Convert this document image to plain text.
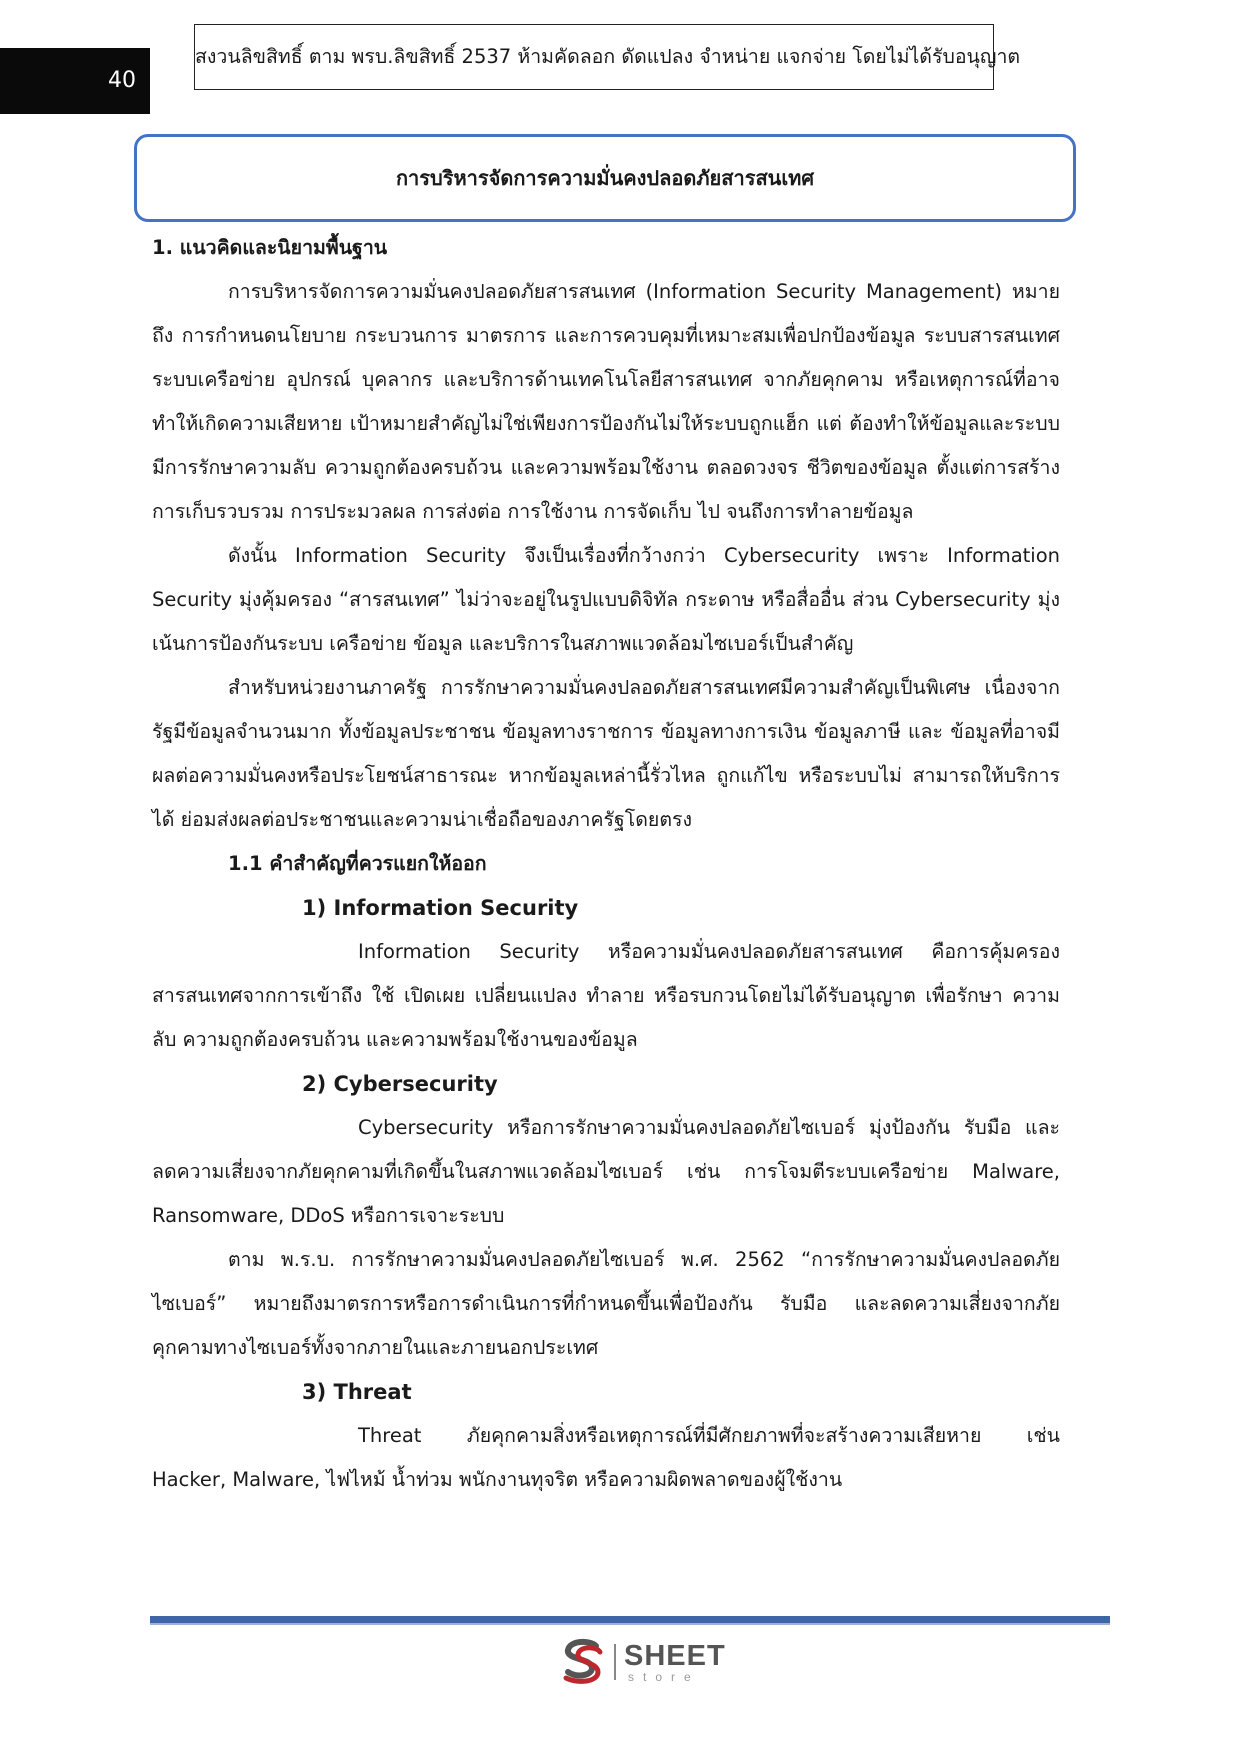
40
สงวนลิขสิทธิ์ ตาม พรบ.ลิขสิทธิ์ 2537 ห้ามคัดลอก ดัดแปลง จำหน่าย แจกจ่าย โดยไม่ได้รับอนุญาต
การบริหารจัดการความมั่นคงปลอดภัยสารสนเทศ

1. แนวคิดและนิยามพื้นฐาน

การบริหารจัดการความมั่นคงปลอดภัยสารสนเทศ (Information Security Management) หมายถึง การกำหนดนโยบาย กระบวนการ มาตรการ และการควบคุมที่เหมาะสมเพื่อปกป้องข้อมูล ระบบสารสนเทศ ระบบเครือข่าย อุปกรณ์ บุคลากร และบริการด้านเทคโนโลยีสารสนเทศ จากภัยคุกคาม หรือเหตุการณ์ที่อาจทำให้เกิดความเสียหาย เป้าหมายสำคัญไม่ใช่เพียงการป้องกันไม่ให้ระบบถูกแฮ็ก แต่ ต้องทำให้ข้อมูลและระบบมีการรักษาความลับ ความถูกต้องครบถ้วน และความพร้อมใช้งาน ตลอดวงจร ชีวิตของข้อมูล ตั้งแต่การสร้าง การเก็บรวบรวม การประมวลผล การส่งต่อ การใช้งาน การจัดเก็บ ไป จนถึงการทำลายข้อมูล

ดังนั้น Information Security จึงเป็นเรื่องที่กว้างกว่า Cybersecurity เพราะ Information Security มุ่งคุ้มครอง “สารสนเทศ” ไม่ว่าจะอยู่ในรูปแบบดิจิทัล กระดาษ หรือสื่ออื่น ส่วน Cybersecurity มุ่งเน้นการป้องกันระบบ เครือข่าย ข้อมูล และบริการในสภาพแวดล้อมไซเบอร์เป็นสำคัญ

สำหรับหน่วยงานภาครัฐ การรักษาความมั่นคงปลอดภัยสารสนเทศมีความสำคัญเป็นพิเศษ เนื่องจากรัฐมีข้อมูลจำนวนมาก ทั้งข้อมูลประชาชน ข้อมูลทางราชการ ข้อมูลทางการเงิน ข้อมูลภาษี และ ข้อมูลที่อาจมีผลต่อความมั่นคงหรือประโยชน์สาธารณะ หากข้อมูลเหล่านี้รั่วไหล ถูกแก้ไข หรือระบบไม่ สามารถให้บริการได้ ย่อมส่งผลต่อประชาชนและความน่าเชื่อถือของภาครัฐโดยตรง

1.1 คำสำคัญที่ควรแยกให้ออก

1) Information Security

Information Security หรือความมั่นคงปลอดภัยสารสนเทศ คือการคุ้มครอง สารสนเทศจากการเข้าถึง ใช้ เปิดเผย เปลี่ยนแปลง ทำลาย หรือรบกวนโดยไม่ได้รับอนุญาต เพื่อรักษา ความลับ ความถูกต้องครบถ้วน และความพร้อมใช้งานของข้อมูล

2) Cybersecurity

Cybersecurity หรือการรักษาความมั่นคงปลอดภัยไซเบอร์ มุ่งป้องกัน รับมือ และ ลดความเสี่ยงจากภัยคุกคามที่เกิดขึ้นในสภาพแวดล้อมไซเบอร์ เช่น การโจมตีระบบเครือข่าย Malware, Ransomware, DDoS หรือการเจาะระบบ

ตาม พ.ร.บ. การรักษาความมั่นคงปลอดภัยไซเบอร์ พ.ศ. 2562 “การรักษาความมั่นคงปลอดภัย ไซเบอร์” หมายถึงมาตรการหรือการดำเนินการที่กำหนดขึ้นเพื่อป้องกัน รับมือ และลดความเสี่ยงจากภัย คุกคามทางไซเบอร์ทั้งจากภายในและภายนอกประเทศ

3) Threat

Threat ภัยคุกคามสิ่งหรือเหตุการณ์ที่มีศักยภาพที่จะสร้างความเสียหาย เช่น Hacker, Malware, ไฟไหม้ น้ำท่วม พนักงานทุจริต หรือความผิดพลาดของผู้ใช้งาน

SHEET
store
